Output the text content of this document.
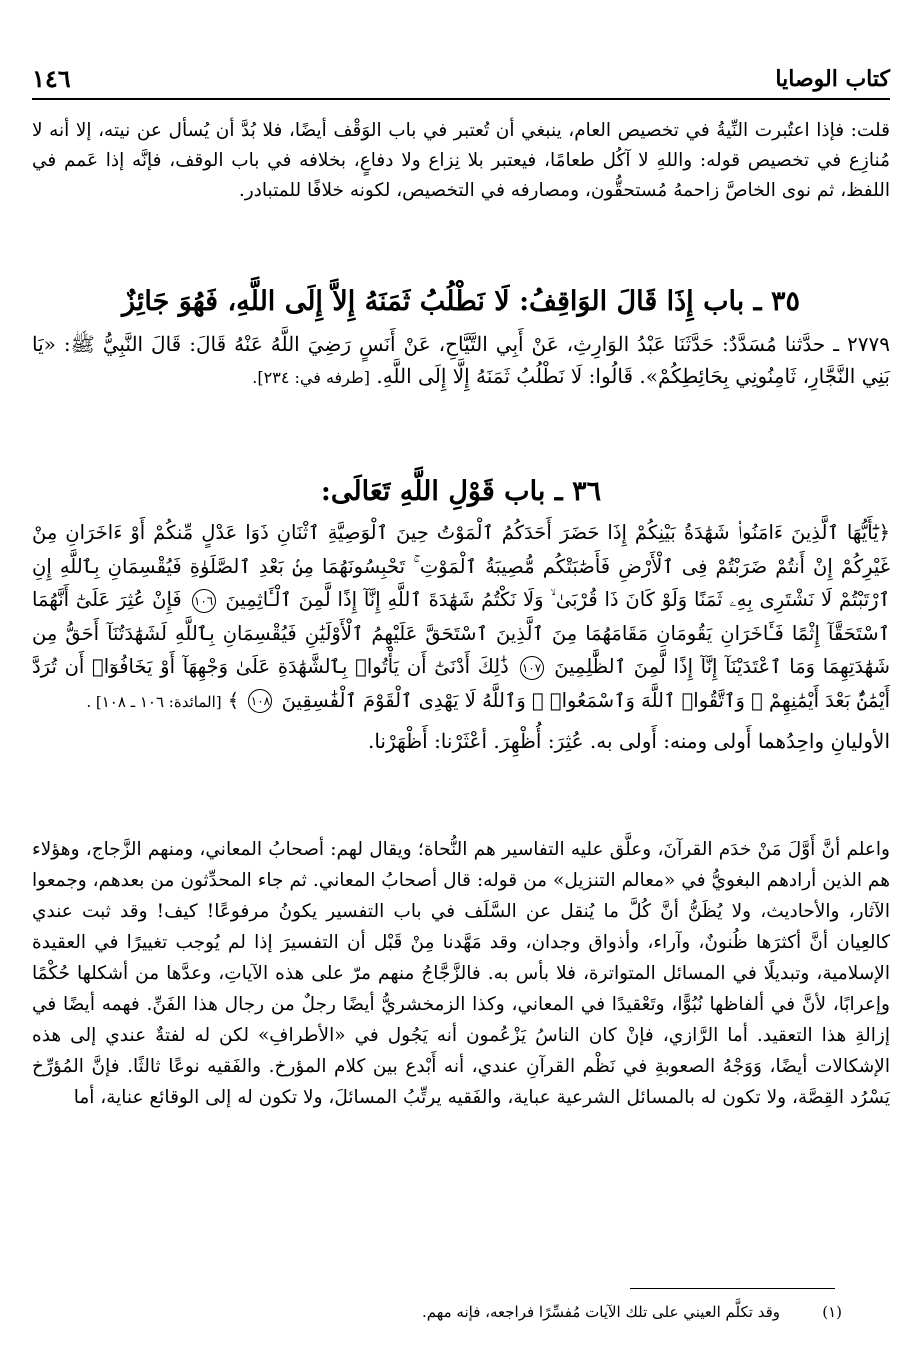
كتاب الوصايا
١٤٦

قلت: فإذا اعتُبرت النِّيةُ في تخصيص العام، ينبغي أن تُعتبر في باب الوَقْف أيضًا، فلا بُدَّ أن يُسأل عن نيته، إلا أنه لا مُنازِع في تخصيص قوله: واللهِ لا آكُل طعامًا، فيعتبر بلا نِزاع ولا دفاعٍ، بخلافه في باب الوقف، فإنَّه إذا عَمم في اللفظ، ثم نوى الخاصَّ زاحمهُ مُستحقُّون، ومصارفه في التخصيص، لكونه خلافًا للمتبادر.

٣٥ ـ باب إِذَا قَالَ الوَاقِفُ: لَا نَطْلُبُ ثَمَنَهُ إِلاَّ إِلَى اللَّهِ، فَهُوَ جَائِزٌ

٢٧٧٩ ـ حدَّثنا مُسَدَّدٌ: حَدَّثَنَا عَبْدُ الوَارِثِ، عَنْ أَبِي التَّيَّاحِ، عَنْ أَنَسٍ رَضِيَ اللَّهُ عَنْهُ قَالَ: قَالَ النَّبِيُّ ﷺ: «يَا بَنِي النَّجَّارِ، ثَامِنُونِي بِحَائِطِكُمْ». قَالُوا: لَا نَطْلُبُ ثَمَنَهُ إِلَّا إِلَى اللَّهِ. [طرفه في: ٢٣٤].

٣٦ ـ باب قَوْلِ اللَّهِ تَعَالَى:

﴿يَٰٓأَيُّهَا ٱلَّذِينَ ءَامَنُوا۟ شَهَٰدَةُ بَيْنِكُمْ إِذَا حَضَرَ أَحَدَكُمُ ٱلْمَوْتُ حِينَ ٱلْوَصِيَّةِ ٱثْنَانِ ذَوَا عَدْلٍ مِّنكُمْ أَوْ ءَاخَرَانِ مِنْ غَيْرِكُمْ إِنْ أَنتُمْ ضَرَبْتُمْ فِى ٱلْأَرْضِ فَأَصَٰبَتْكُم مُّصِيبَةُ ٱلْمَوْتِ ۚ تَحْبِسُونَهُمَا مِنۢ بَعْدِ ٱلصَّلَوٰةِ فَيُقْسِمَانِ بِٱللَّهِ إِنِ ٱرْتَبْتُمْ لَا نَشْتَرِى بِهِۦ ثَمَنًا وَلَوْ كَانَ ذَا قُرْبَىٰ ۙ وَلَا نَكْتُمُ شَهَٰدَةَ ٱللَّهِ إِنَّآ إِذًا لَّمِنَ ٱلْـَٔاثِمِينَ ١٠٦ فَإِنْ عُثِرَ عَلَىٰٓ أَنَّهُمَا ٱسْتَحَقَّآ إِثْمًا فَـَٔاخَرَانِ يَقُومَانِ مَقَامَهُمَا مِنَ ٱلَّذِينَ ٱسْتَحَقَّ عَلَيْهِمُ ٱلْأَوْلَيَٰنِ فَيُقْسِمَانِ بِٱللَّهِ لَشَهَٰدَتُنَآ أَحَقُّ مِن شَهَٰدَتِهِمَا وَمَا ٱعْتَدَيْنَآ إِنَّآ إِذًا لَّمِنَ ٱلظَّٰلِمِينَ ١٠٧ ذَٰلِكَ أَدْنَىٰٓ أَن يَأْتُوا۟ بِٱلشَّهَٰدَةِ عَلَىٰ وَجْهِهَآ أَوْ يَخَافُوٓا۟ أَن تُرَدَّ أَيْمَٰنٌۢ بَعْدَ أَيْمَٰنِهِمْ ۗ وَٱتَّقُوا۟ ٱللَّهَ وَٱسْمَعُوا۟ ۗ وَٱللَّهُ لَا يَهْدِى ٱلْقَوْمَ ٱلْفَٰسِقِينَ ١٠٨ ﴾ [المائدة: ١٠٦ ـ ١٠٨] .

الأوليانِ واحِدُهما أَولى ومنه: أَولى به. عُثِرَ: أُظْهِرَ. أعْثَرْنا: أَظْهَرْنا.

واعلم أنَّ أَوَّلَ مَنْ خدَم القرآنَ، وعلَّق عليه التفاسير هم النُّحاة؛ ويقال لهم: أصحابُ المعاني، ومنهم الزَّجاج، وهؤلاء هم الذين أرادهم البغويُّ في «معالم التنزيل» من قوله: قال أصحابُ المعاني. ثم جاء المحدِّثون من بعدهم، وجمعوا الآثار، والأحاديث، ولا يُظَنُّ أنَّ كُلَّ ما يُنقل عن السَّلَف في باب التفسير يكونُ مرفوعًا! كيف! وقد ثبت عندي كالعِيان أنَّ أكثرَها ظُنونٌ، وآراء، وأذواق وجدان، وقد مَهَّدنا مِنْ قَبْل أن التفسيرَ إذا لم يُوجب تغييرًا في العقيدة الإسلامية، وتبديلًا في المسائل المتواترة، فلا بأس به. فالزَّجَّاجُ منهم مرّ على هذه الآياتِ، وعدَّها من أشكلها حُكْمًا وإعرابًا، لأنَّ في ألفاظها نُبُوًّا، وتَعْقيدًا في المعاني، وكذا الزمخشريُّ أيضًا رجلٌ من رجال هذا الفَنِّ. فهمه أيضًا في إزالةِ هذا التعقيد. أما الرَّازي، فإنْ كان الناسُ يَزْعُمون أنه يَجُول في «الأطرافِ» لكن له لفتةٌ عندي إلى هذه الإشكالات أيضًا، وَوَجْهُ الصعوبةِ في نَظْم القرآنِ عندي، أنه أَبْدع بين كلام المؤرخ. والفَقيه نوعًا ثالثًا. فإنَّ المُؤرِّخ يَسْرُد القِصَّة، ولا تكون له بالمسائل الشرعية عباية، والفَقيه يرتِّبُ المسائلَ، ولا تكون له إلى الوقائع عناية، أما

(١)
وقد تكلَّم العيني على تلك الآيات مُفسِّرًا فراجعه، فإنه مهم.
